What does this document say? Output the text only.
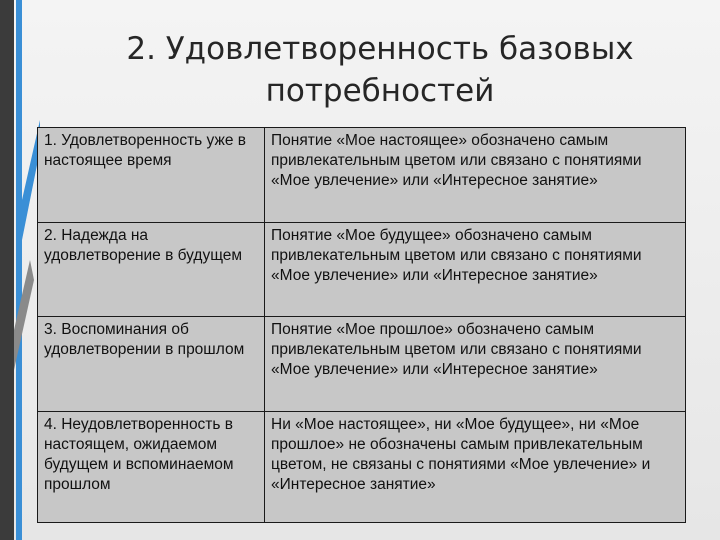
2. Удовлетворенность базовых потребностей
1. Удовлетворенность уже в настоящее время	Понятие «Мое настоящее» обозначено самым привлекательным цветом или связано с понятиями «Мое увлечение» или «Интересное занятие»
2. Надежда на удовлетворение в будущем	Понятие «Мое будущее» обозначено самым привлекательным цветом или связано с понятиями «Мое увлечение» или «Интересное занятие»
3. Воспоминания об удовлетворении в прошлом	Понятие «Мое прошлое» обозначено самым привлекательным цветом или связано с понятиями «Мое увлечение» или «Интересное занятие»
4. Неудовлетворенность в настоящем, ожидаемом будущем и вспоминаемом прошлом	Ни «Мое настоящее», ни «Мое будущее», ни «Мое прошлое» не обозначены самым привлекательным цветом, не связаны с понятиями «Мое увлечение» и «Интересное занятие»
